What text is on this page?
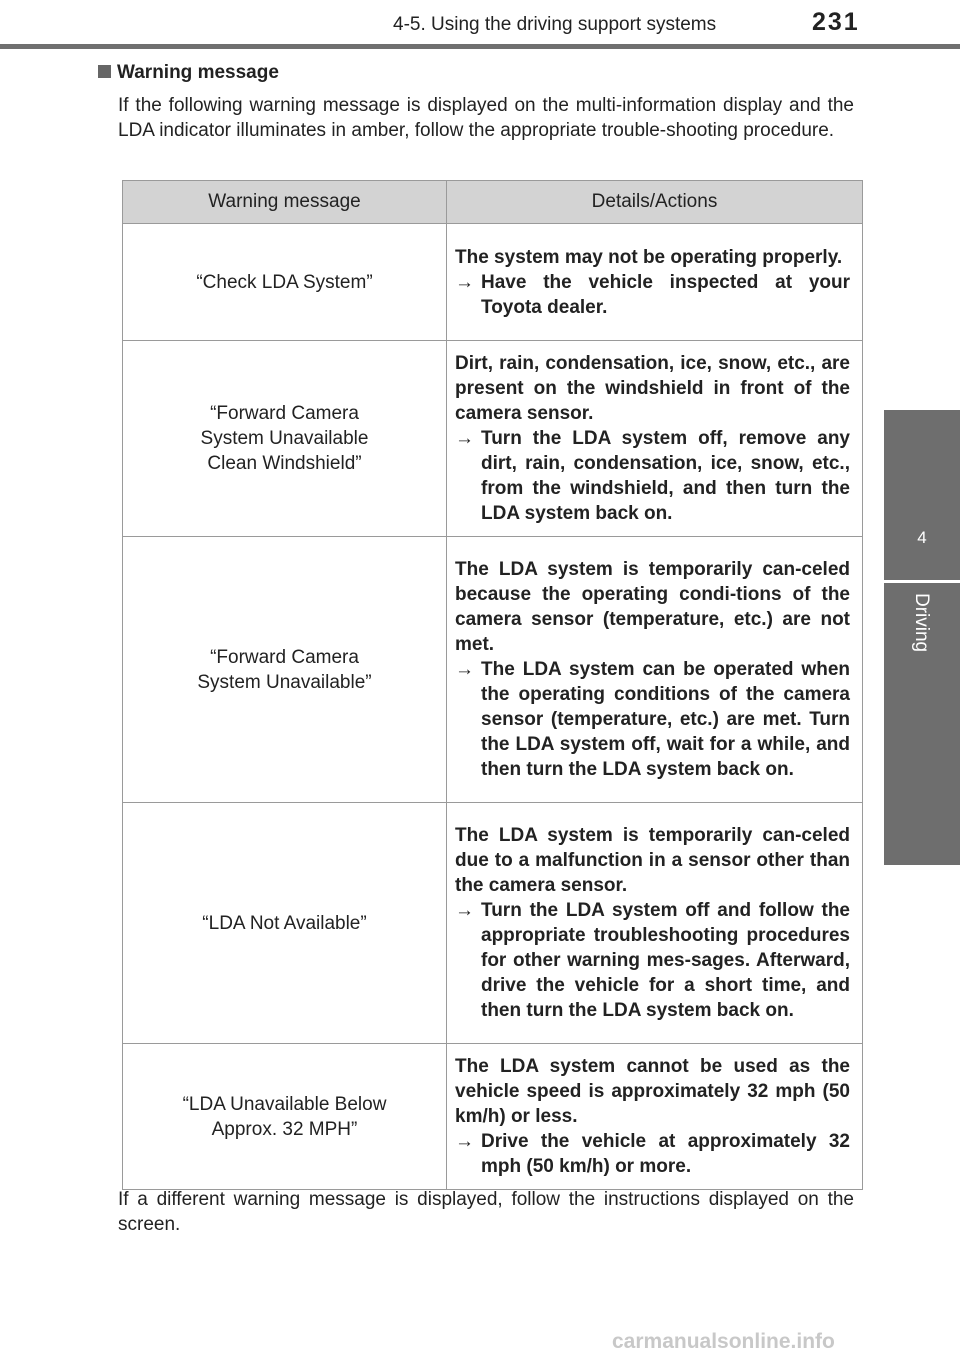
4-5. Using the driving support systems	231
4
Driving
Warning message
If the following warning message is displayed on the multi-information display and the LDA indicator illuminates in amber, follow the appropriate trouble-shooting procedure.
Warning message	Details/Actions
“Check LDA System”	The system may not be operating properly.
→ Have the vehicle inspected at your Toyota dealer.

“Forward Camera System Unavailable Clean Windshield”	Dirt, rain, condensation, ice, snow, etc., are present on the windshield in front of the camera sensor.
→ Turn the LDA system off, remove any dirt, rain, condensation, ice, snow, etc., from the windshield, and then turn the LDA system back on.

“Forward Camera System Unavailable”	The LDA system is temporarily can-celed because the operating condi-tions of the camera sensor (temperature, etc.) are not met.
→ The LDA system can be operated when the operating conditions of the camera sensor (temperature, etc.) are met. Turn the LDA system off, wait for a while, and then turn the LDA system back on.

“LDA Not Available”	The LDA system is temporarily can-celed due to a malfunction in a sensor other than the camera sensor.
→ Turn the LDA system off and follow the appropriate troubleshooting procedures for other warning mes-sages. Afterward, drive the vehicle for a short time, and then turn the LDA system back on.

“LDA Unavailable Below Approx. 32 MPH”	The LDA system cannot be used as the vehicle speed is approximately 32 mph (50 km/h) or less.
→ Drive the vehicle at approximately 32 mph (50 km/h) or more.
If a different warning message is displayed, follow the instructions displayed on the screen.
carmanualsonline.info
